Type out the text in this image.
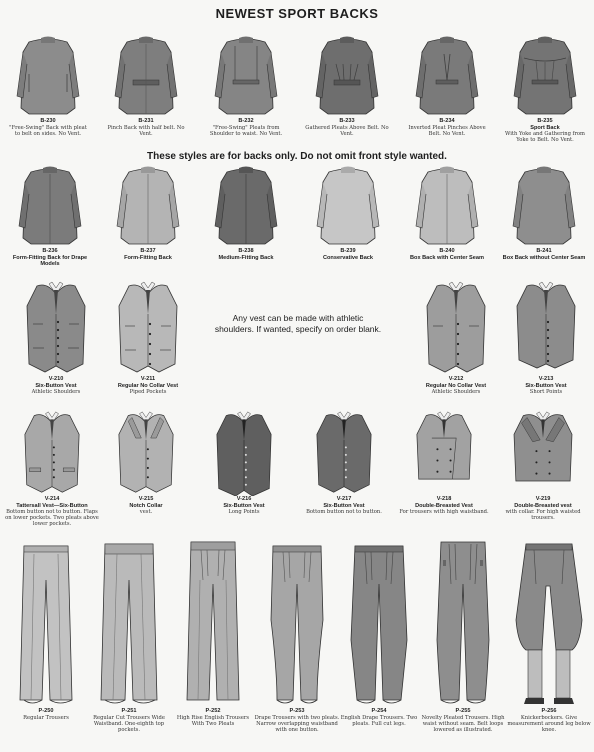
NEWEST SPORT BACKS
B-230
"Free-Swing" Back with pleat to belt on sides. No Vent.
B-231
Pinch Back with half belt. No Vent.
B-232
"Free-Swing" Pleats from Shoulder to waist. No Vent.
B-233
Gathered Pleats Above Belt. No Vent.
B-234
Inverted Pleat Pinches Above Belt. No Vent.
B-235
Sport Back
With Yoke and Gathering from Yoke to Belt. No Vent.
These styles are for backs only. Do not omit front style wanted.
B-236
Form-Fitting Back for Drape Models
B-237
Form-Fitting Back
B-238
Medium-Fitting Back
B-239
Conservative Back
B-240
Box Back with Center Seam
B-241
Box Back without Center Seam
V-210
Six-Button Vest
Athletic Shoulders
V-211
Regular No Collar Vest
Piped Pockets
V-212
Regular No Collar Vest
Athletic Shoulders
V-213
Six-Button Vest
Short Points
Any vest can be made with athletic shoulders. If wanted, specify on order blank.
V-214
Tattersall Vest—Six-Button
Bottom button not to button. Flaps on lower pockets. Two pleats above lower pockets.
V-215
Notch Collar
vest.
V-216
Six-Button Vest
Long Points
V-217
Six-Button Vest
Bottom button not to button.
V-218
Double-Breasted Vest
For trousers with high waistband.
V-219
Double-Breasted vest
with collar. For high waisted trousers.
P-250
Regular Trousers
P-251
Regular Cut Trousers Wide Waistband. One-eighth top pockets.
P-252
High Rise English Trousers With Two Pleats
P-253
Drape Trousers with two pleats. Narrow overlapping waistband with one button.
P-254
English Drape Trousers. Two pleats. Full cut legs.
P-255
Novelty Pleated Trousers. High waist without seam. Belt loops lowered as illustrated.
P-256
Knickerbockers. Give measurement around leg below knee.
